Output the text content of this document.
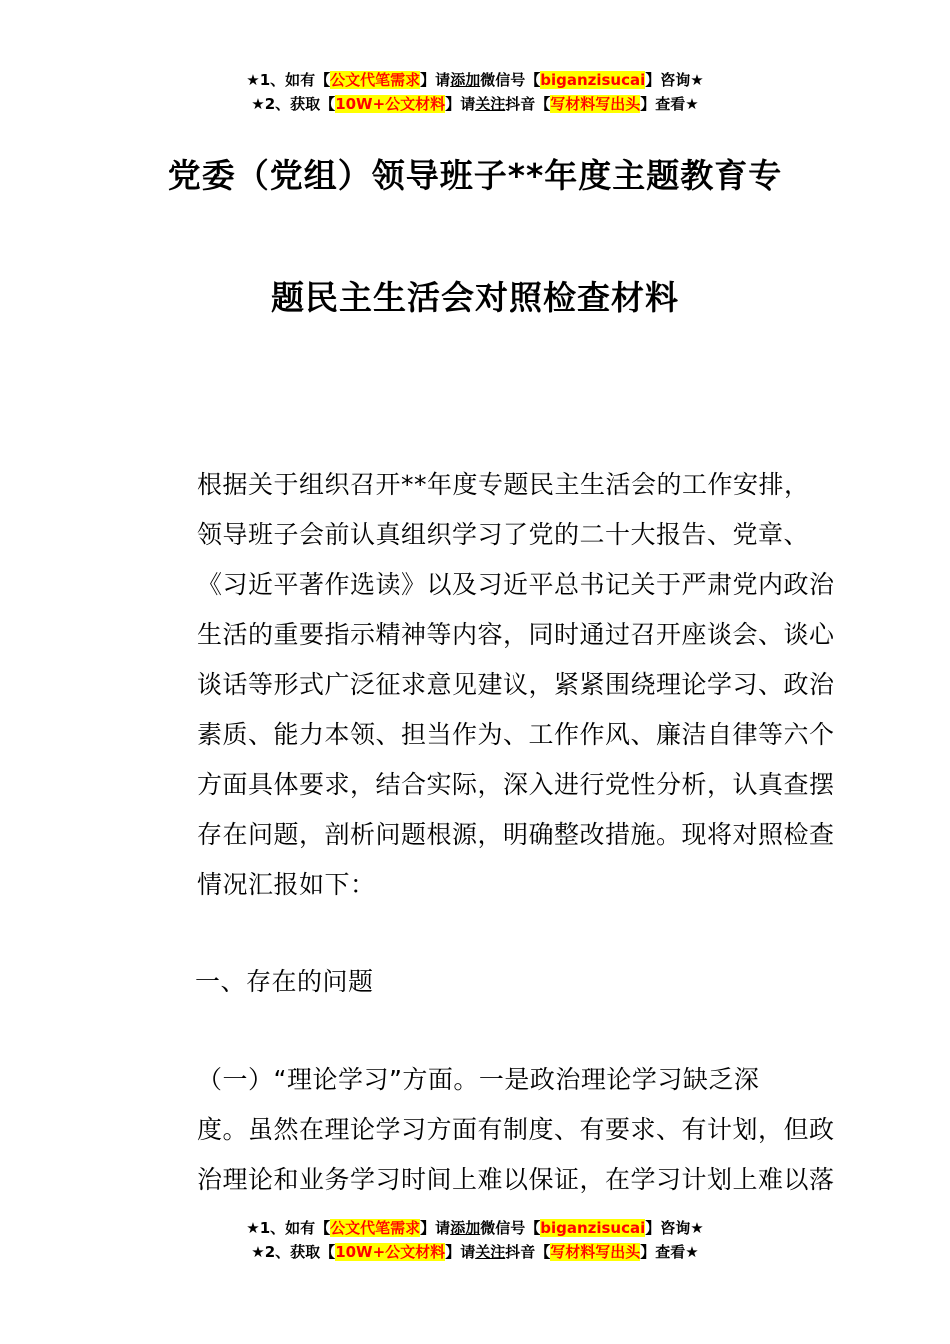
★1、如有【公文代笔需求】请添加微信号【biganzisucai】咨询★
★2、获取【10W+公文材料】请关注抖音【写材料写出头】查看★
党委（党组）领导班子**年度主题教育专
题民主生活会对照检查材料
根据关于组织召开**年度专题民主生活会的工作安排，
领导班子会前认真组织学习了党的二十大报告、党章、
《习近平著作选读》以及习近平总书记关于严肃党内政治
生活的重要指示精神等内容，同时通过召开座谈会、谈心
谈话等形式广泛征求意见建议，紧紧围绕理论学习、政治
素质、能力本领、担当作为、工作作风、廉洁自律等六个
方面具体要求，结合实际，深入进行党性分析，认真查摆
存在问题，剖析问题根源，明确整改措施。现将对照检查
情况汇报如下：
一、存在的问题
（一）“理论学习”方面。一是政治理论学习缺乏深
度。虽然在理论学习方面有制度、有要求、有计划，但政
治理论和业务学习时间上难以保证，在学习计划上难以落
★1、如有【公文代笔需求】请添加微信号【biganzisucai】咨询★
★2、获取【10W+公文材料】请关注抖音【写材料写出头】查看★
